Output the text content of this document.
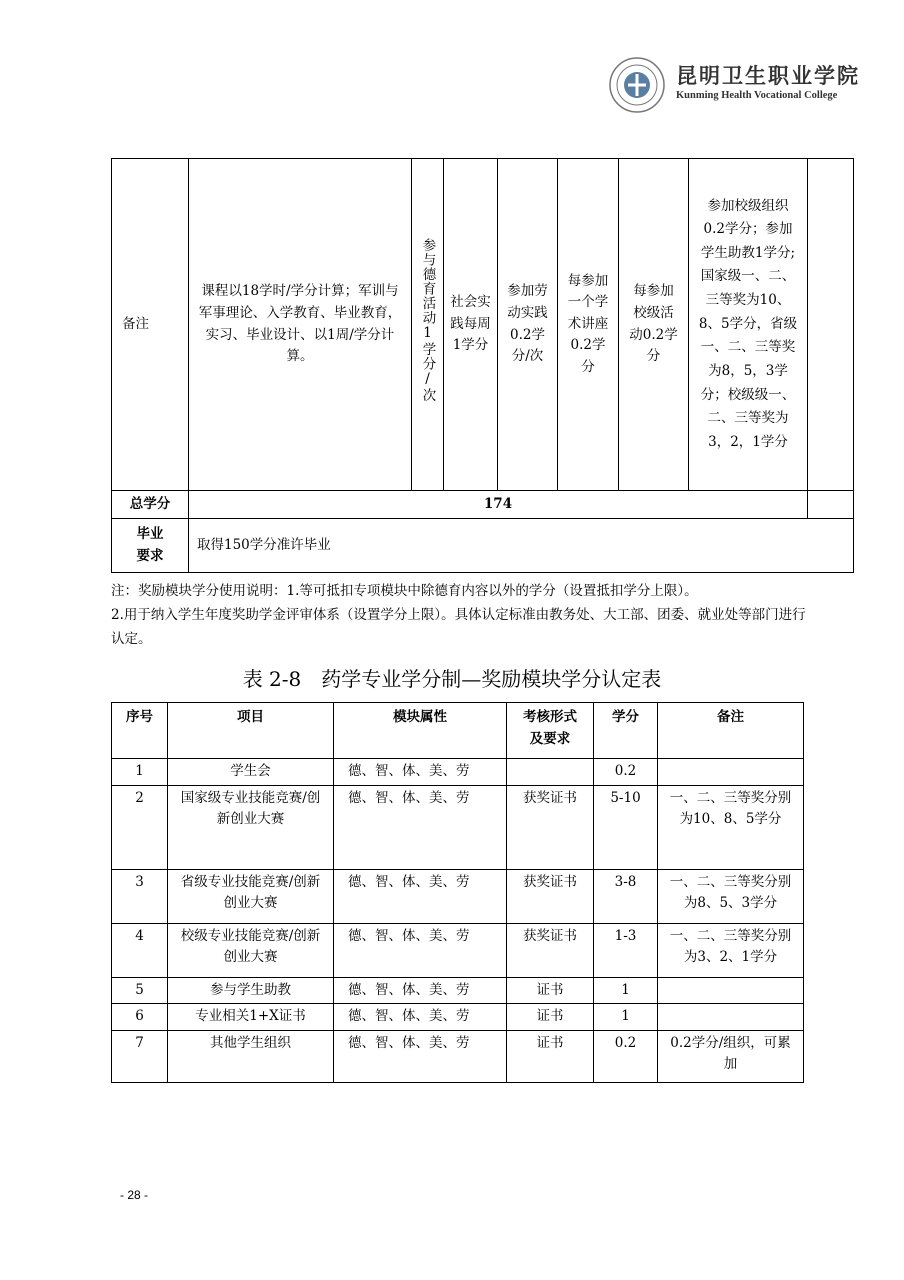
昆明卫生职业学院
Kunming Health Vocational College
备注	课程以18学时/学分计算；军训与军事理论、入学教育、毕业教育，实习、毕业设计、以1周/学分计算。	参与德育活动1学分/次	社会实践每周1学分	参加劳动实践0.2学分/次	每参加一个学术讲座0.2学分	每参加校级活动0.2学分	参加校级组织0.2学分；参加学生助教1学分;国家级一、二、三等奖为10、8、5学分，省级一、二、三等奖为8，5，3学分；校级级一、二、三等奖为3，2，1学分	
总学分	174							
毕业要求	取得150学分准许毕业							

注：奖励模块学分使用说明：1.等可抵扣专项模块中除德育内容以外的学分（设置抵扣学分上限）。

2.用于纳入学生年度奖助学金评审体系（设置学分上限）。具体认定标准由教务处、大工部、团委、就业处等部门进行认定。

表 2-8　药学专业学分制—奖励模块学分认定表
序号	项目	模块属性	考核形式及要求	学分	备注
1	学生会	德、智、体、美、劳		0.2	
2	国家级专业技能竞赛/创新创业大赛	德、智、体、美、劳	获奖证书	5-10	一、二、三等奖分别为10、8、5学分
3	省级专业技能竞赛/创新创业大赛	德、智、体、美、劳	获奖证书	3-8	一、二、三等奖分别为8、5、3学分
4	校级专业技能竞赛/创新创业大赛	德、智、体、美、劳	获奖证书	1-3	一、二、三等奖分别为3、2、1学分
5	参与学生助教	德、智、体、美、劳	证书	1	
6	专业相关1+X证书	德、智、体、美、劳	证书	1	
7	其他学生组织	德、智、体、美、劳	证书	0.2	0.2学分/组织，可累加
- 28 -
